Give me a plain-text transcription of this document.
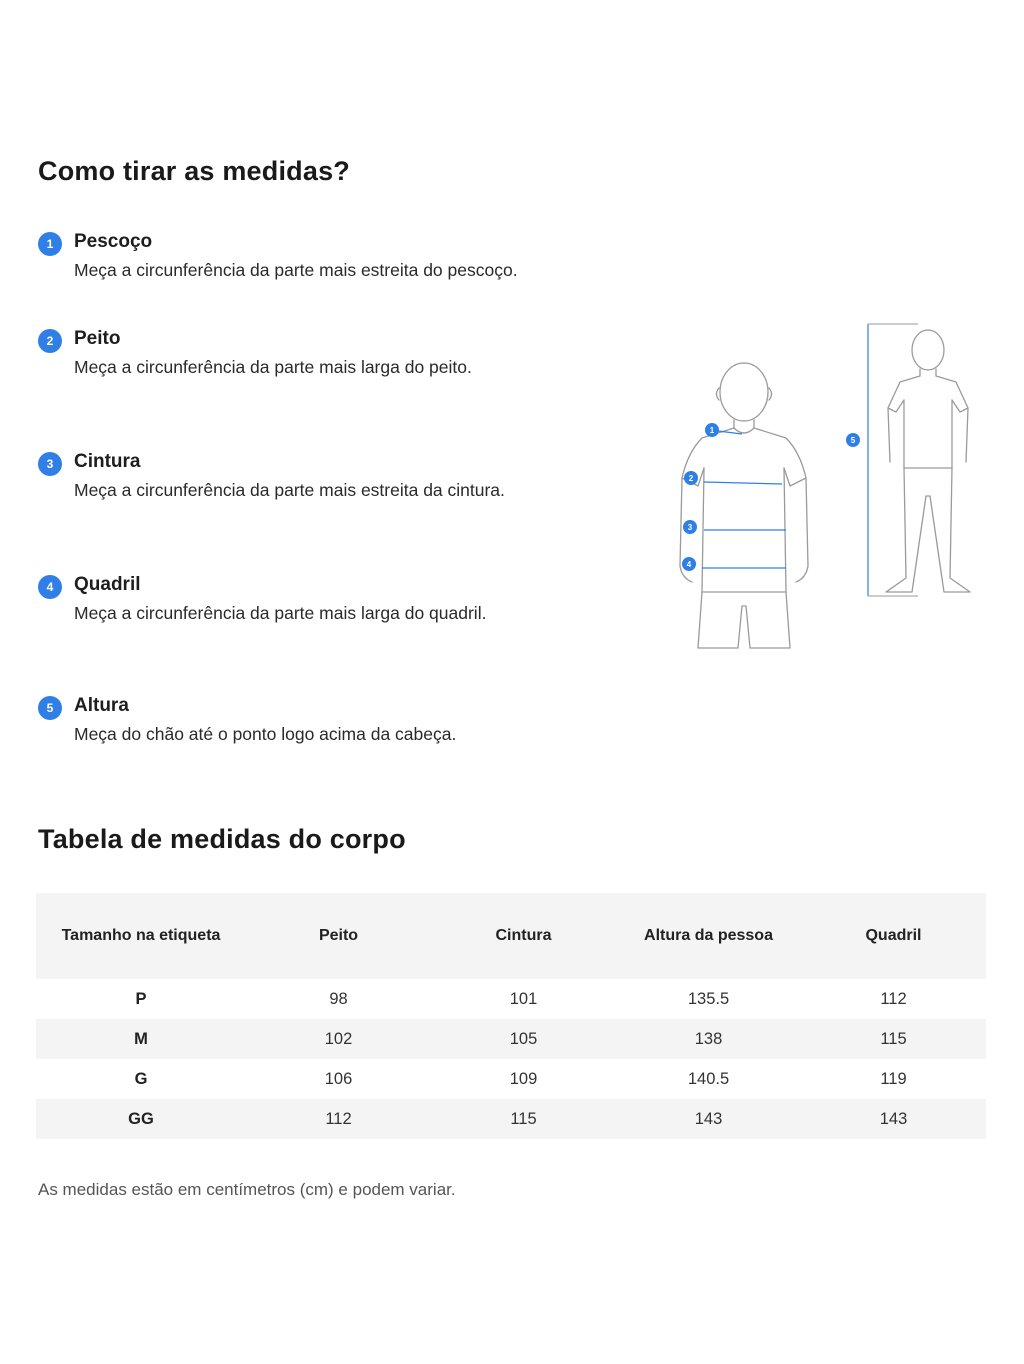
Como tirar as medidas?
1	Pescoço
Meça a circunferência da parte mais estreita do pescoço.
2	Peito
Meça a circunferência da parte mais larga do peito.
3	Cintura
Meça a circunferência da parte mais estreita da cintura.
4	Quadril
Meça a circunferência da parte mais larga do quadril.
5	Altura
Meça do chão até o ponto logo acima da cabeça.
1
2
3
4
5
Tabela de medidas do corpo
Tamanho na etiqueta	Peito	Cintura	Altura da pessoa	Quadril
P	98	101	135.5	112
M	102	105	138	115
G	106	109	140.5	119
GG	112	115	143	143
As medidas estão em centímetros (cm) e podem variar.
